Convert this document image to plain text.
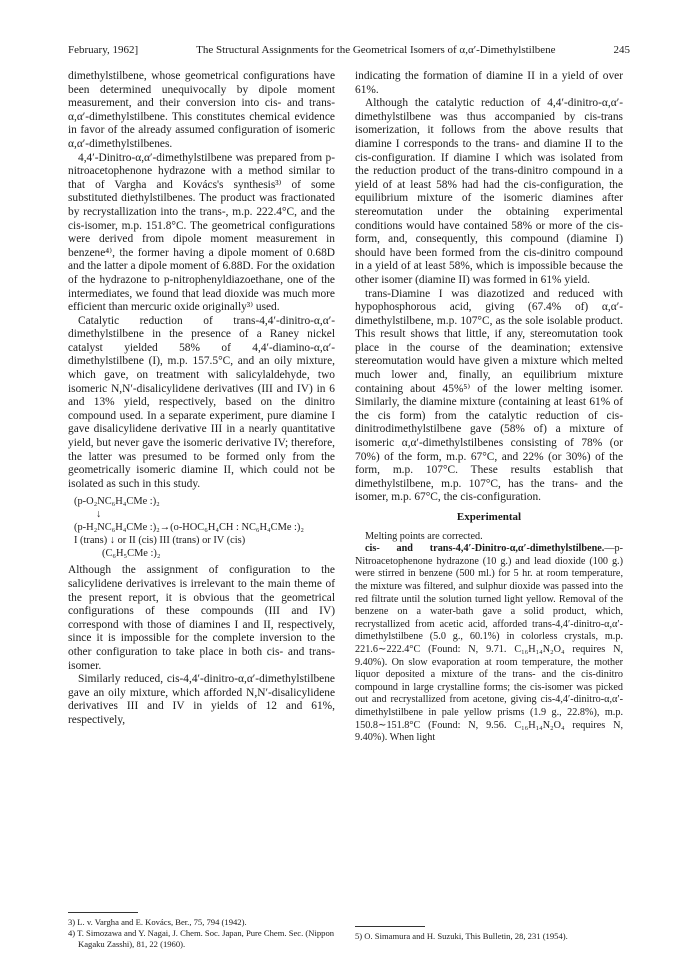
February, 1962]	The Structural Assignments for the Geometrical Isomers of α,α′-Dimethylstilbene	245

dimethylstilbene, whose geometrical configurations have been determined unequivocally by dipole moment measurement, and their conversion into cis- and trans-α,α′-dimethylstilbene. This constitutes chemical evidence in favor of the already assumed configuration of isomeric α,α′-dimethylstilbenes.

4,4′-Dinitro-α,α′-dimethylstilbene was prepared from p-nitroacetophenone hydrazone with a method similar to that of Vargha and Kovács's synthesis³⁾ of some substituted diethylstilbenes. The product was fractionated by recrystallization into the trans-, m.p. 222.4°C, and the cis-isomer, m.p. 151.8°C. The geometrical configurations were derived from dipole moment measurement in benzene⁴⁾, the former having a dipole moment of 0.68D and the latter a dipole moment of 6.88D. For the oxidation of the hydrazone to p-nitrophenyldiazoethane, one of the intermediates, we found that lead dioxide was much more efficient than mercuric oxide originally³⁾ used.

Catalytic reduction of trans-4,4′-dinitro-α,α′-dimethylstilbene in the presence of a Raney nickel catalyst yielded 58% of 4,4′-diamino-α,α′-dimethylstilbene (I), m.p. 157.5°C, and an oily mixture, which gave, on treatment with salicylaldehyde, two isomeric N,N′-disalicylidene derivatives (III and IV) in 6 and 13% yield, respectively, based on the dinitro compound used. In a separate experiment, pure diamine I gave disalicylidene derivative III in a nearly quantitative yield, but never gave the isomeric derivative IV; therefore, the latter was presumed to be formed only from the geometrically isomeric diamine II, which could not be isolated as such in this study.

(p-O₂NC₆H₄CMe :)₂
↓
(p-H₂NC₆H₄CMe :)₂→(o-HOC₆H₄CH : NC₆H₄CMe :)₂
I (trans) ↓ or II (cis) III (trans) or IV (cis)
(C₆H₅CMe :)₂

Although the assignment of configuration to the salicylidene derivatives is irrelevant to the main theme of the present report, it is obvious that the geometrical configurations of these compounds (III and IV) correspond with those of diamines I and II, respectively, since it is impossible for the complete inversion to the other configuration to take place in both cis- and trans-isomer.

Similarly reduced, cis-4,4′-dinitro-α,α′-dimethylstilbene gave an oily mixture, which afforded N,N′-disalicylidene derivatives III and IV in yields of 12 and 61%, respectively,

3) L. v. Vargha and E. Kovács, Ber., 75, 794 (1942).
4) T. Simozawa and Y. Nagai, J. Chem. Soc. Japan, Pure Chem. Sec. (Nippon Kagaku Zasshi), 81, 22 (1960).

indicating the formation of diamine II in a yield of over 61%.

Although the catalytic reduction of 4,4′-dinitro-α,α′-dimethylstilbene was thus accompanied by cis-trans isomerization, it follows from the above results that diamine I corresponds to the trans- and diamine II to the cis-configuration. If diamine I which was isolated from the reduction product of the trans-dinitro compound in a yield of at least 58% had had the cis-configuration, the equilibrium mixture of the isomeric diamines after stereomutation under the obtaining experimental conditions would have contained 58% or more of the cis-form, and, consequently, this compound (diamine I) should have been formed from the cis-dinitro compound in a yield of at least 58%, which is impossible because the other isomer (diamine II) was formed in 61% yield.

trans-Diamine I was diazotized and reduced with hypophosphorous acid, giving (67.4% of) α,α′-dimethylstilbene, m.p. 107°C, as the sole isolable product. This result shows that little, if any, stereomutation took place in the course of the deamination; extensive stereomutation would have given a mixture which melted much lower and, finally, an equilibrium mixture containing about 45%⁵⁾ of the lower melting isomer. Similarly, the diamine mixture (containing at least 61% of the cis form) from the catalytic reduction of cis-dinitrodimethylstilbene gave (58% of) a mixture of isomeric α,α′-dimethylstilbenes consisting of 78% (or 70%) of the form, m.p. 67°C, and 22% (or 30%) of the form, m.p. 107°C. These results establish that dimethylstilbene, m.p. 107°C, has the trans- and the isomer, m.p. 67°C, the cis-configuration.

Experimental

Melting points are corrected.

cis- and trans-4,4′-Dinitro-α,α′-dimethylstilbene.—p-Nitroacetophenone hydrazone (10 g.) and lead dioxide (100 g.) were stirred in benzene (500 ml.) for 5 hr. at room temperature, the mixture was filtered, and sulphur dioxide was passed into the red filtrate until the solution turned light yellow. Removal of the benzene on a water-bath gave a solid product, which, recrystallized from acetic acid, afforded trans-4,4′-dinitro-α,α′-dimethylstilbene (5.0 g., 60.1%) in colorless crystals, m.p. 221.6∼222.4°C (Found: N, 9.71. C₁₆H₁₄N₂O₄ requires N, 9.40%). On slow evaporation at room temperature, the mother liquor deposited a mixture of the trans- and the cis-dinitro compound in large crystalline forms; the cis-isomer was picked out and recrystallized from acetone, giving cis-4,4′-dinitro-α,α′-dimethylstilbene in pale yellow prisms (1.9 g., 22.8%), m.p. 150.8∼151.8°C (Found: N, 9.56. C₁₆H₁₄N₂O₄ requires N, 9.40%). When light

5) O. Simamura and H. Suzuki, This Bulletin, 28, 231 (1954).
